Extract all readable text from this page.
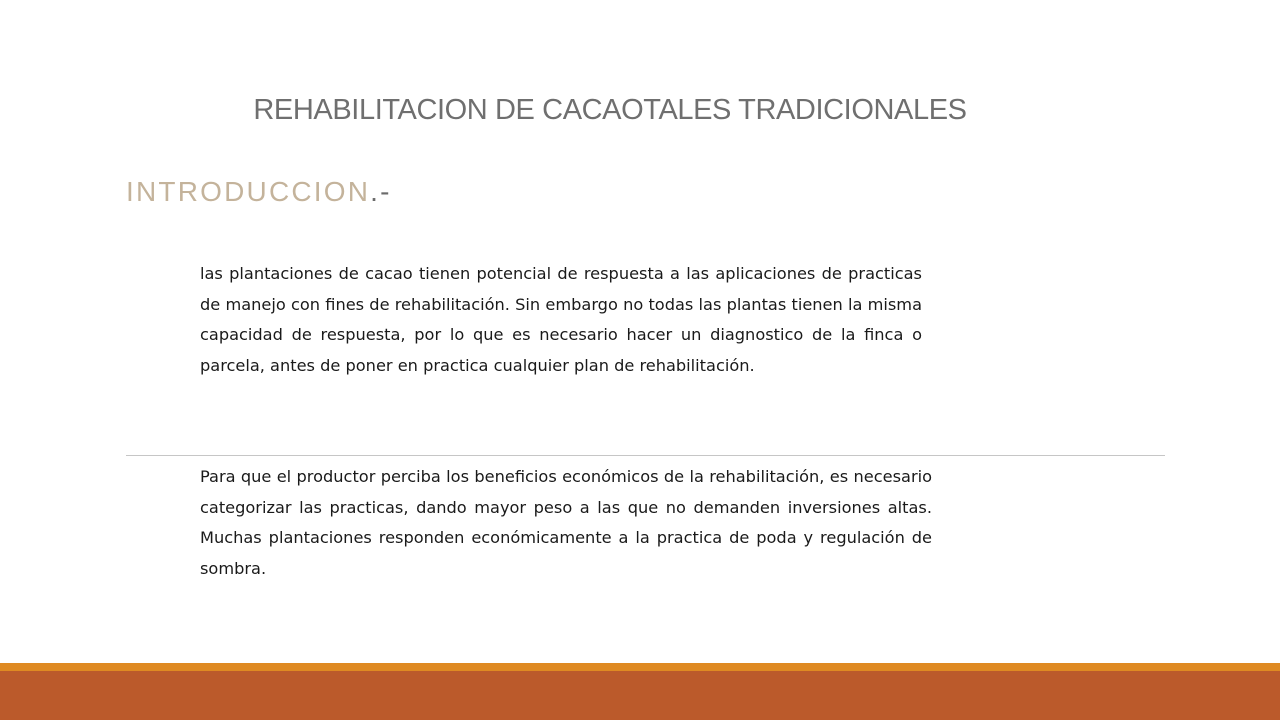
REHABILITACION DE CACAOTALES TRADICIONALES
INTRODUCCION.-

las plantaciones de cacao tienen potencial de respuesta a las aplicaciones de practicas de manejo con fines de rehabilitación. Sin embargo no todas las plantas tienen la misma capacidad de respuesta, por lo que es necesario hacer un diagnostico de la finca o parcela, antes de poner en practica cualquier plan de rehabilitación.

Para que el productor perciba los beneficios económicos de la rehabilitación, es necesario categorizar las practicas, dando mayor peso a las que no demanden inversiones altas. Muchas plantaciones responden económicamente a la practica de poda y regulación de sombra.
